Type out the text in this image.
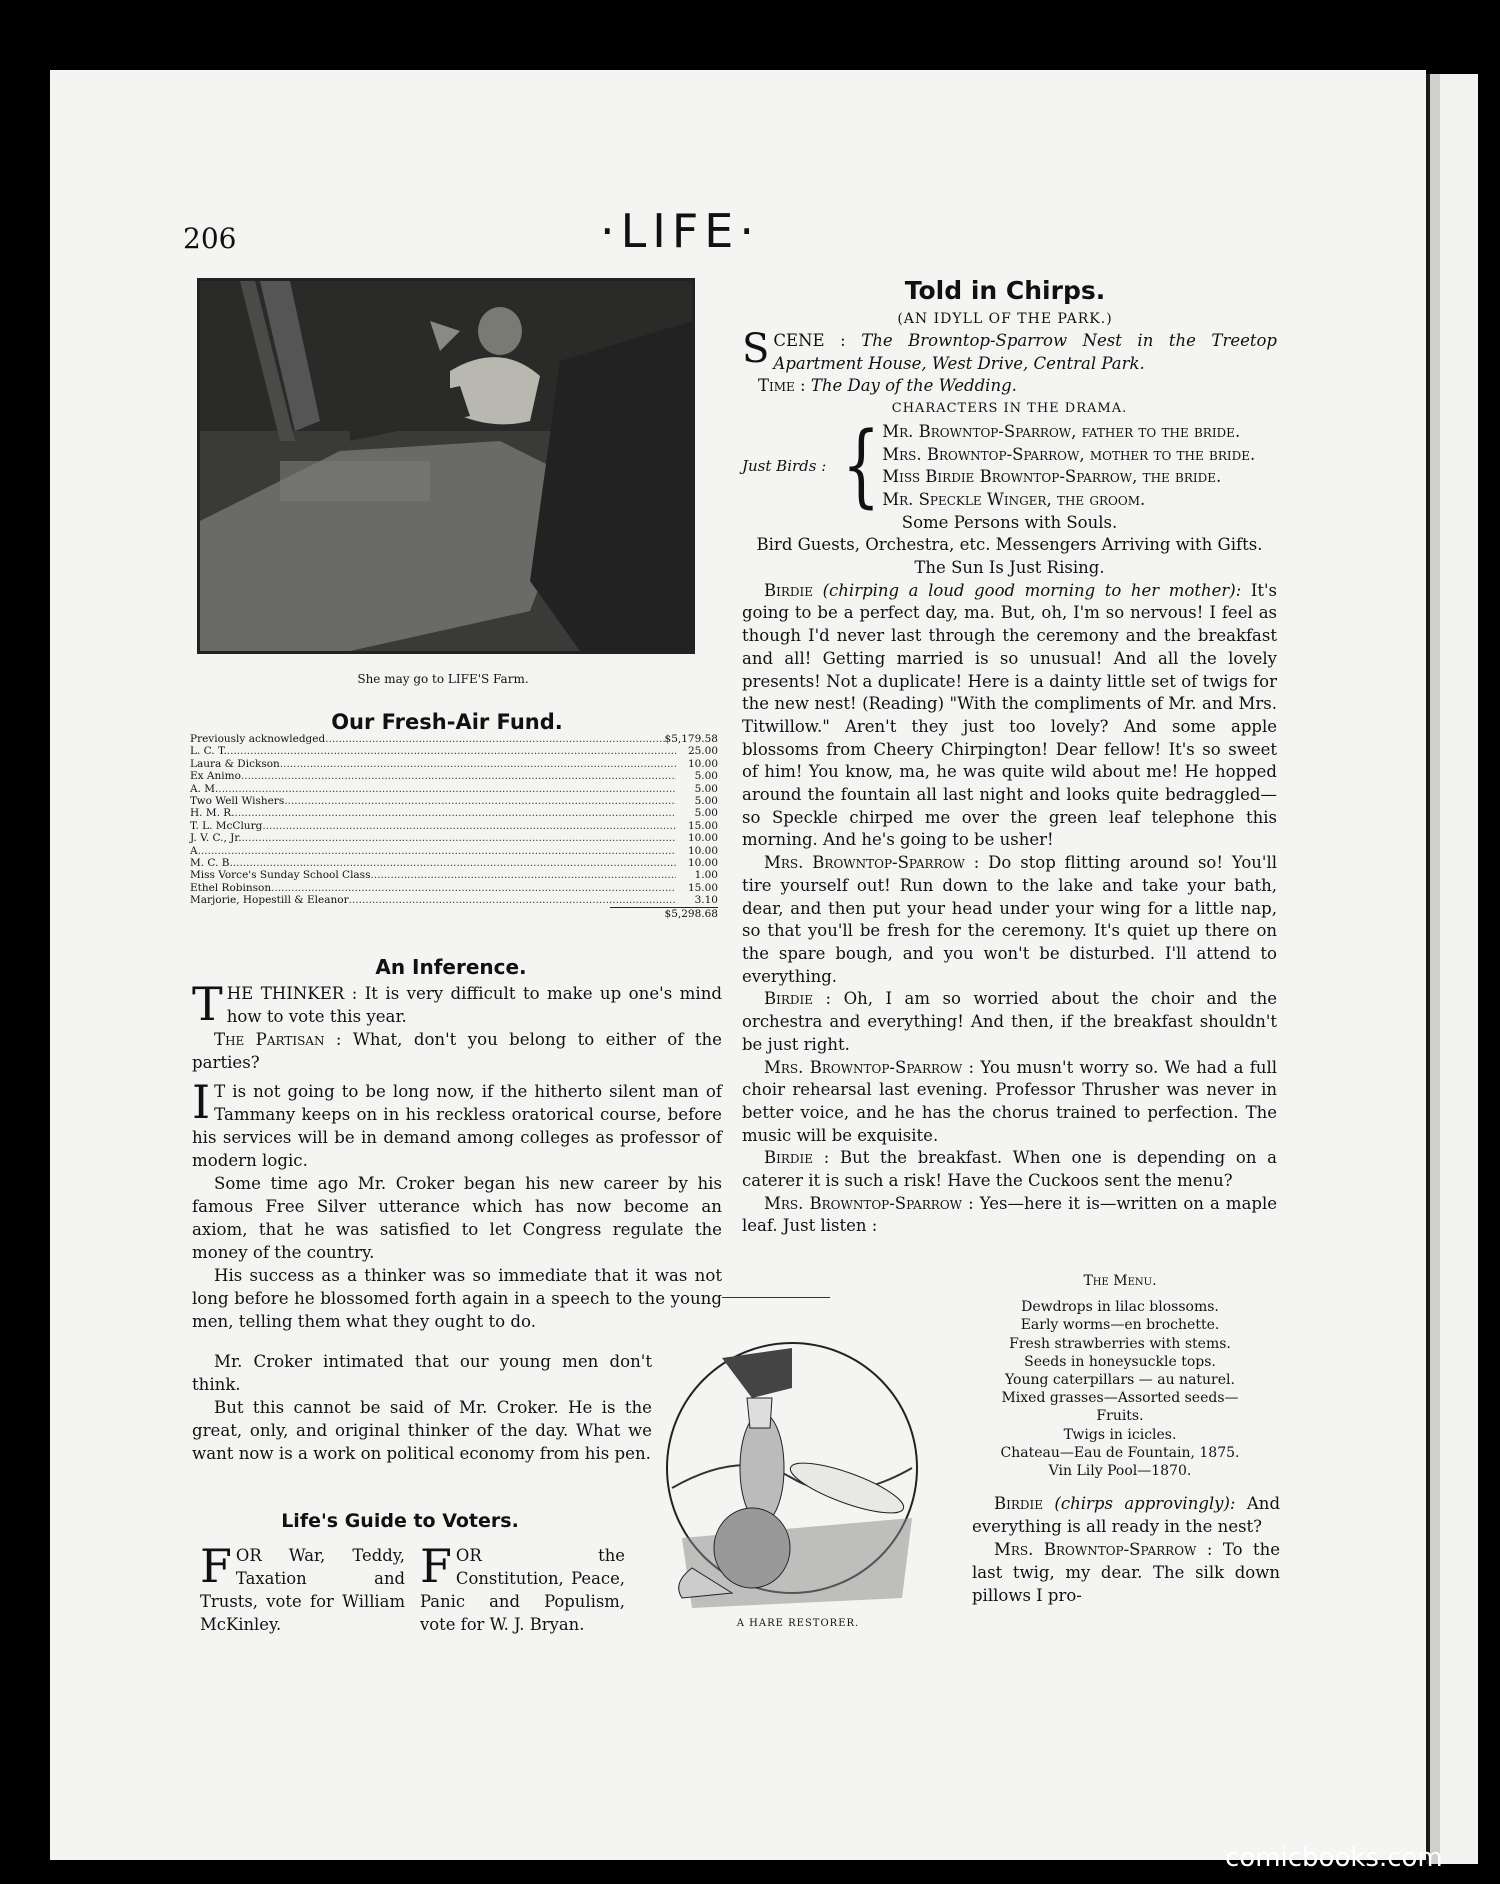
206	·LIFE·
She may go to LIFE'S Farm.
Our Fresh-Air Fund.
Previously acknowledged .....	$5,179.58
L. C. T. .....	25.00
Laura & Dickson .....	10.00
Ex Animo .....	5.00
A. M. .....	5.00
Two Well Wishers .....	5.00
H. M. R. .....	5.00
T. L. McClurg .....	15.00
J. V. C., Jr. .....	10.00
A .....	10.00
M. C. B. .....	10.00
Miss Vorce's Sunday School Class .....	1.00
Ethel Robinson .....	15.00
Marjorie, Hopestill & Eleanor .....	3.10
$5,298.68
An Inference.

THE THINKER : It is very difficult to make up one's mind how to vote this year.

The Partisan : What, don't you belong to either of the parties?

I T is not going to be long now, if the hitherto silent man of Tammany keeps on in his reckless oratorical course, before his services will be in demand among colleges as professor of modern logic.

Some time ago Mr. Croker began his new career by his famous Free Silver utterance which has now become an axiom, that he was satisfied to let Congress regulate the money of the country.

His success as a thinker was so immediate that it was not long before he blossomed forth again in a speech to the young men, telling them what they ought to do.

Mr. Croker intimated that our young men don't think.

But this cannot be said of Mr. Croker. He is the great, only, and original thinker of the day. What we want now is a work on political economy from his pen.

Life's Guide to Voters.

FOR War, Teddy, Taxation and Trusts, vote for William McKinley.

FOR the Constitution, Peace, Panic and Populism, vote for W. J. Bryan.

Told in Chirps.
(AN IDYLL OF THE PARK.)

SCENE : The Browntop-Sparrow Nest in the Treetop Apartment House, West Drive, Central Park.

Time : The Day of the Wedding.

CHARACTERS IN THE DRAMA.

Just Birds : { Mr. Browntop-Sparrow, father to the bride.
Mrs. Browntop-Sparrow, mother to the bride.
Miss Birdie Browntop-Sparrow, the bride.
Mr. Speckle Winger, the groom.

Some Persons with Souls.

Bird Guests, Orchestra, etc. Messengers Arriving with Gifts. The Sun Is Just Rising.

Birdie (chirping a loud good morning to her mother): It's going to be a perfect day, ma. But, oh, I'm so nervous! I feel as though I'd never last through the ceremony and the breakfast and all! Getting married is so unusual! And all the lovely presents! Not a duplicate! Here is a dainty little set of twigs for the new nest! (Reading) "With the compliments of Mr. and Mrs. Titwillow." Aren't they just too lovely? And some apple blossoms from Cheery Chirpington! Dear fellow! It's so sweet of him! You know, ma, he was quite wild about me! He hopped around the fountain all last night and looks quite bedraggled—so Speckle chirped me over the green leaf telephone this morning. And he's going to be usher!

Mrs. Browntop-Sparrow : Do stop flitting around so! You'll tire yourself out! Run down to the lake and take your bath, dear, and then put your head under your wing for a little nap, so that you'll be fresh for the ceremony. It's quiet up there on the spare bough, and you won't be disturbed. I'll attend to everything.

Birdie : Oh, I am so worried about the choir and the orchestra and everything! And then, if the breakfast shouldn't be just right.

Mrs. Browntop-Sparrow : You musn't worry so. We had a full choir rehearsal last evening. Professor Thrusher was never in better voice, and he has the chorus trained to perfection. The music will be exquisite.

Birdie : But the breakfast. When one is depending on a caterer it is such a risk! Have the Cuckoos sent the menu?

Mrs. Browntop-Sparrow : Yes—here it is—written on a maple leaf. Just listen :

The Menu.

Dewdrops in lilac blossoms.

Early worms—en brochette.

Fresh strawberries with stems.

Seeds in honeysuckle tops.

Young caterpillars — au naturel.

Mixed grasses—Assorted seeds—

Fruits.

Twigs in icicles.

Chateau—Eau de Fountain, 1875.

Vin Lily Pool—1870.

Birdie (chirps approvingly): And everything is all ready in the nest?

Mrs. Browntop-Sparrow : To the last twig, my dear. The silk down pillows I pro-

A HARE RESTORER.
comicbooks.com
